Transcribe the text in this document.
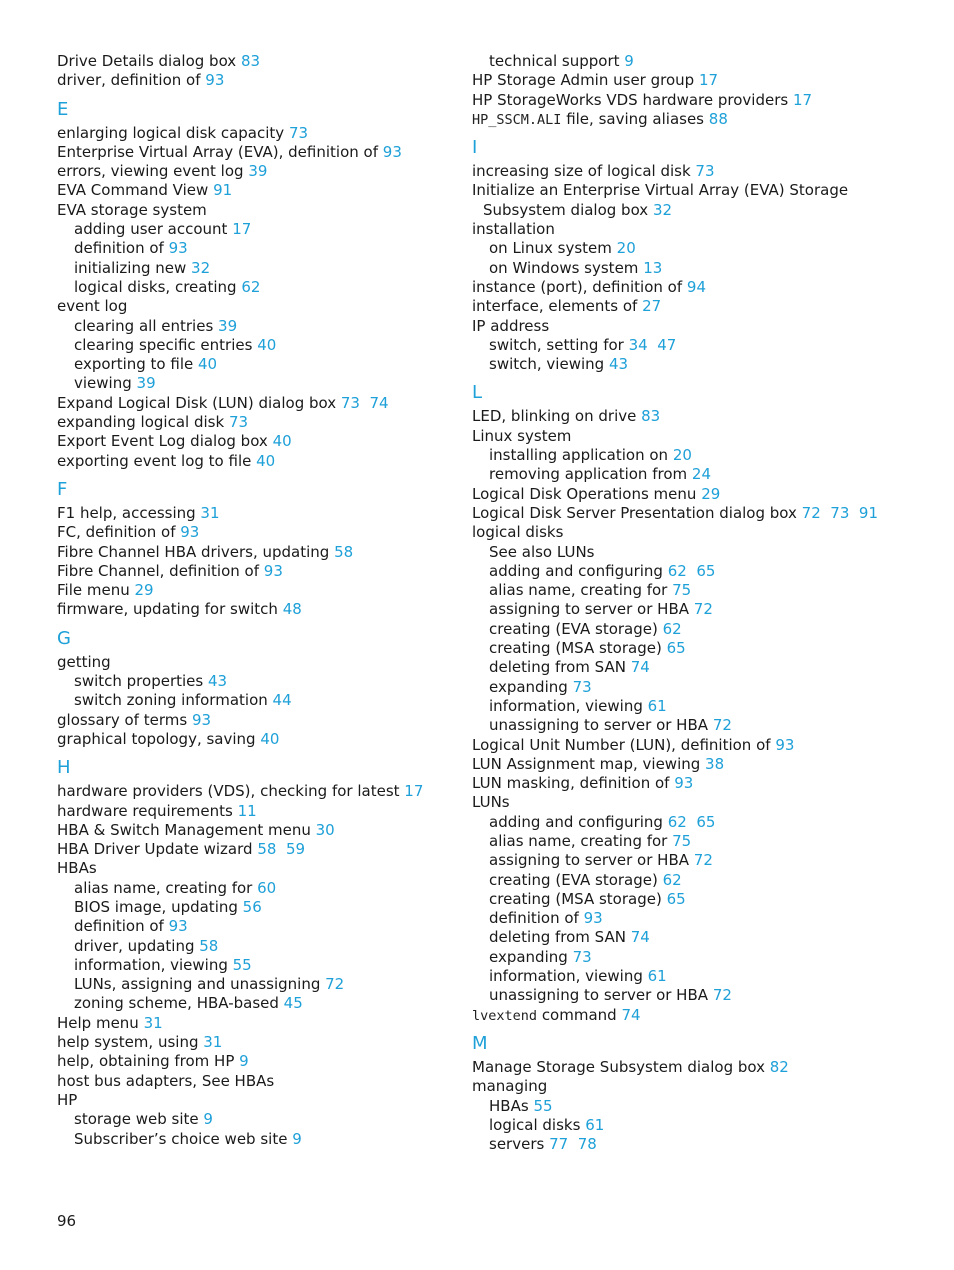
Drive Details dialog box 83
driver, definition of 93
E
enlarging logical disk capacity 73
Enterprise Virtual Array (EVA), definition of 93
errors, viewing event log 39
EVA Command View 91
EVA storage system
adding user account 17
definition of 93
initializing new 32
logical disks, creating 62
event log
clearing all entries 39
clearing specific entries 40
exporting to file 40
viewing 39
Expand Logical Disk (LUN) dialog box 73  74
expanding logical disk 73
Export Event Log dialog box 40
exporting event log to file 40
F
F1 help, accessing 31
FC, definition of 93
Fibre Channel HBA drivers, updating 58
Fibre Channel, definition of 93
File menu 29
firmware, updating for switch 48
G
getting
switch properties 43
switch zoning information 44
glossary of terms 93
graphical topology, saving 40
H
hardware providers (VDS), checking for latest 17
hardware requirements 11
HBA & Switch Management menu 30
HBA Driver Update wizard 58  59
HBAs
alias name, creating for 60
BIOS image, updating 56
definition of 93
driver, updating 58
information, viewing 55
LUNs, assigning and unassigning 72
zoning scheme, HBA-based 45
Help menu 31
help system, using 31
help, obtaining from HP 9
host bus adapters, See HBAs
HP
storage web site 9
Subscriber’s choice web site 9
technical support 9
HP Storage Admin user group 17
HP StorageWorks VDS hardware providers 17
HP_SSCM.ALI file, saving aliases 88
I
increasing size of logical disk 73
Initialize an Enterprise Virtual Array (EVA) Storage
Subsystem dialog box 32
installation
on Linux system 20
on Windows system 13
instance (port), definition of 94
interface, elements of 27
IP address
switch, setting for 34  47
switch, viewing 43
L
LED, blinking on drive 83
Linux system
installing application on 20
removing application from 24
Logical Disk Operations menu 29
Logical Disk Server Presentation dialog box 72  73  91
logical disks
See also LUNs
adding and configuring 62  65
alias name, creating for 75
assigning to server or HBA 72
creating (EVA storage) 62
creating (MSA storage) 65
deleting from SAN 74
expanding 73
information, viewing 61
unassigning to server or HBA 72
Logical Unit Number (LUN), definition of 93
LUN Assignment map, viewing 38
LUN masking, definition of 93
LUNs
adding and configuring 62  65
alias name, creating for 75
assigning to server or HBA 72
creating (EVA storage) 62
creating (MSA storage) 65
definition of 93
deleting from SAN 74
expanding 73
information, viewing 61
unassigning to server or HBA 72
lvextend command 74
M
Manage Storage Subsystem dialog box 82
managing
HBAs 55
logical disks 61
servers 77  78
96
